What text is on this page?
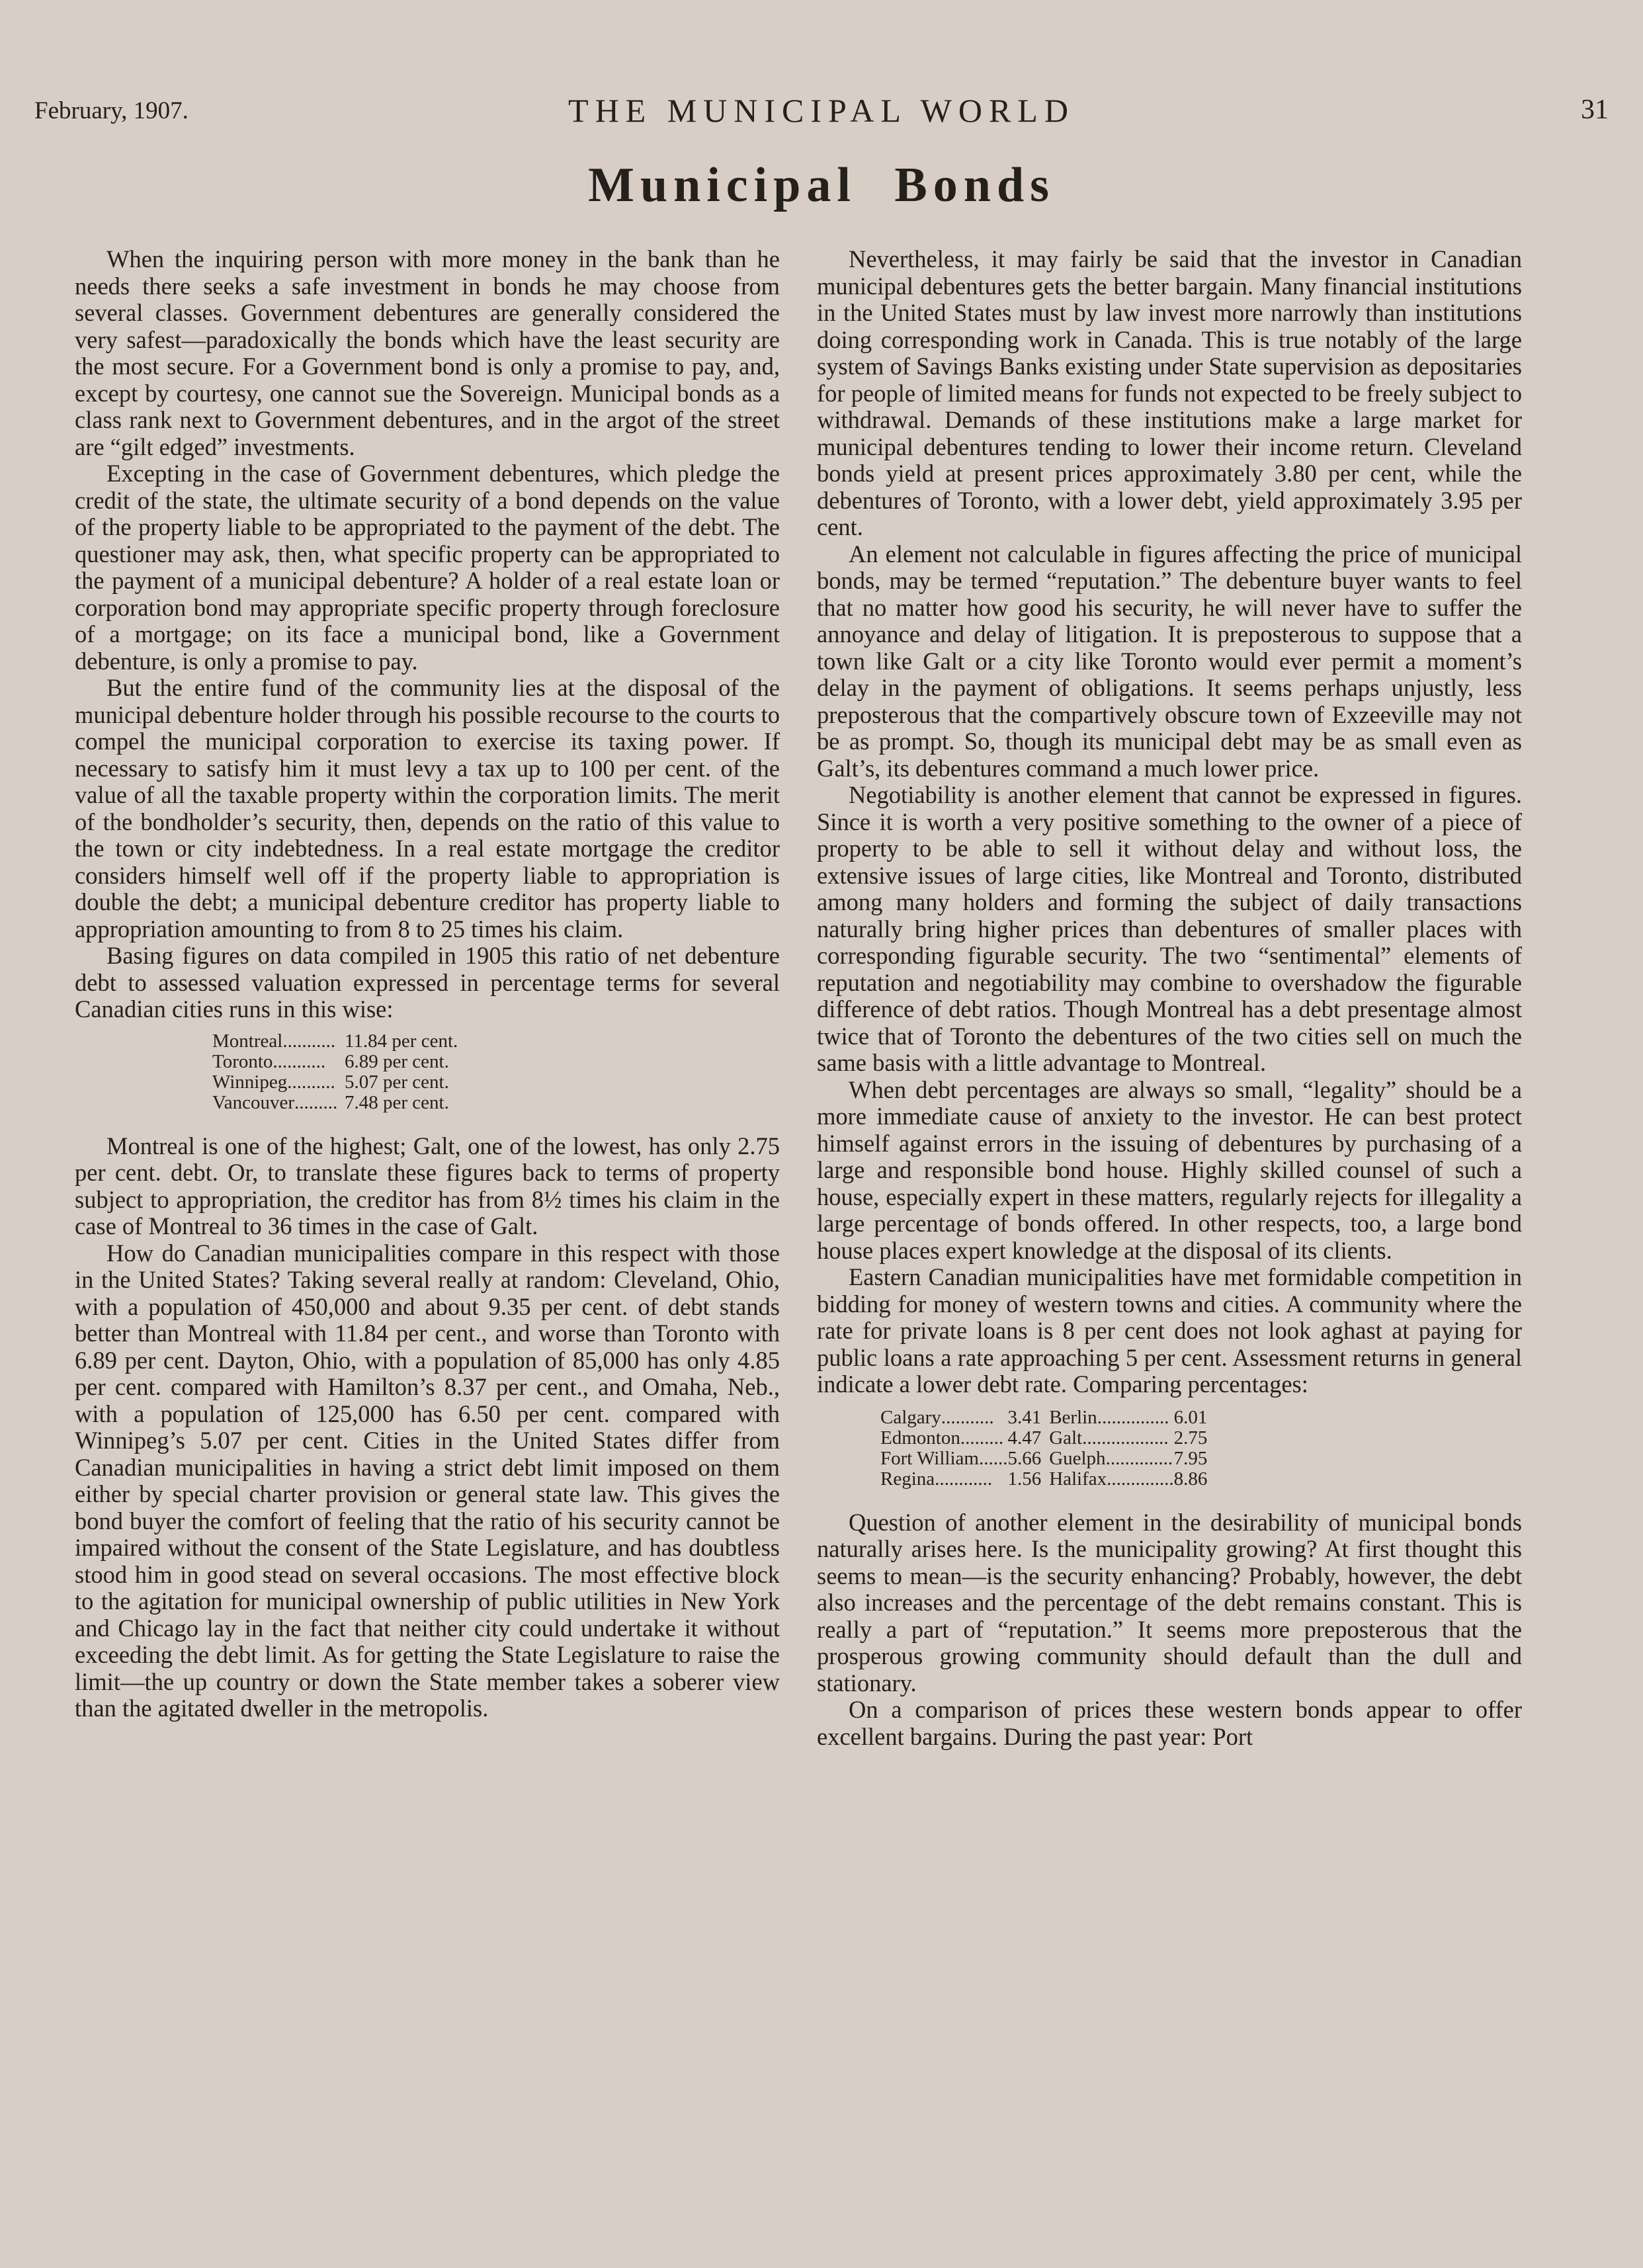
February, 1907.	THE MUNICIPAL WORLD	31
Municipal Bonds

When the inquiring person with more money in the bank than he needs there seeks a safe investment in bonds he may choose from several classes. Government debentures are generally considered the very safest—paradoxically the bonds which have the least security are the most secure. For a Government bond is only a promise to pay, and, except by courtesy, one cannot sue the Sovereign. Municipal bonds as a class rank next to Government debentures, and in the argot of the street are “gilt edged” investments.

Excepting in the case of Government debentures, which pledge the credit of the state, the ultimate security of a bond depends on the value of the property liable to be appropriated to the payment of the debt. The questioner may ask, then, what specific property can be appropriated to the payment of a municipal debenture? A holder of a real estate loan or corporation bond may appropriate specific property through foreclosure of a mortgage; on its face a municipal bond, like a Government debenture, is only a promise to pay.

But the entire fund of the community lies at the disposal of the municipal debenture holder through his possible recourse to the courts to compel the municipal corporation to exercise its taxing power. If necessary to satisfy him it must levy a tax up to 100 per cent. of the value of all the taxable property within the corporation limits. The merit of the bondholder’s security, then, depends on the ratio of this value to the town or city indebtedness. In a real estate mortgage the creditor considers himself well off if the property liable to appropriation is double the debt; a municipal debenture creditor has property liable to appropriation amounting to from 8 to 25 times his claim.

Basing figures on data compiled in 1905 this ratio of net debenture debt to assessed valuation expressed in percentage terms for several Canadian cities runs in this wise:

Montreal...........	11.84 per cent.
Toronto...........	6.89 per cent.
Winnipeg..........	5.07 per cent.
Vancouver.........	7.48 per cent.

Montreal is one of the highest; Galt, one of the lowest, has only 2.75 per cent. debt. Or, to translate these figures back to terms of property subject to appropriation, the creditor has from 8½ times his claim in the case of Montreal to 36 times in the case of Galt.

How do Canadian municipalities compare in this respect with those in the United States? Taking several really at random: Cleveland, Ohio, with a population of 450,000 and about 9.35 per cent. of debt stands better than Montreal with 11.84 per cent., and worse than Toronto with 6.89 per cent. Dayton, Ohio, with a population of 85,000 has only 4.85 per cent. compared with Hamilton’s 8.37 per cent., and Omaha, Neb., with a population of 125,000 has 6.50 per cent. compared with Winnipeg’s 5.07 per cent. Cities in the United States differ from Canadian municipalities in having a strict debt limit imposed on them either by special charter provision or general state law. This gives the bond buyer the comfort of feeling that the ratio of his security cannot be impaired without the consent of the State Legislature, and has doubtless stood him in good stead on several occasions. The most effective block to the agitation for municipal ownership of public utilities in New York and Chicago lay in the fact that neither city could undertake it without exceeding the debt limit. As for getting the State Legislature to raise the limit—the up country or down the State member takes a soberer view than the agitated dweller in the metropolis.

Nevertheless, it may fairly be said that the investor in Canadian municipal debentures gets the better bargain. Many financial institutions in the United States must by law invest more narrowly than institutions doing corresponding work in Canada. This is true notably of the large system of Savings Banks existing under State supervision as depositaries for people of limited means for funds not expected to be freely subject to withdrawal. Demands of these institutions make a large market for municipal debentures tending to lower their income return. Cleveland bonds yield at present prices approximately 3.80 per cent, while the debentures of Toronto, with a lower debt, yield approximately 3.95 per cent.

An element not calculable in figures affecting the price of municipal bonds, may be termed “reputation.” The debenture buyer wants to feel that no matter how good his security, he will never have to suffer the annoyance and delay of litigation. It is preposterous to suppose that a town like Galt or a city like Toronto would ever permit a moment’s delay in the payment of obligations. It seems perhaps unjustly, less preposterous that the compartively obscure town of Exzeeville may not be as prompt. So, though its municipal debt may be as small even as Galt’s, its debentures command a much lower price.

Negotiability is another element that cannot be expressed in figures. Since it is worth a very positive something to the owner of a piece of property to be able to sell it without delay and without loss, the extensive issues of large cities, like Montreal and Toronto, distributed among many holders and forming the subject of daily transactions naturally bring higher prices than debentures of smaller places with corresponding figurable security. The two “sentimental” elements of reputation and negotiability may combine to overshadow the figurable difference of debt ratios. Though Montreal has a debt presentage almost twice that of Toronto the debentures of the two cities sell on much the same basis with a little advantage to Montreal.

When debt percentages are always so small, “legality” should be a more immediate cause of anxiety to the investor. He can best protect himself against errors in the issuing of debentures by purchasing of a large and responsible bond house. Highly skilled counsel of such a house, especially expert in these matters, regularly rejects for illegality a large percentage of bonds offered. In other respects, too, a large bond house places expert knowledge at the disposal of its clients.

Eastern Canadian municipalities have met formidable competition in bidding for money of western towns and cities. A community where the rate for private loans is 8 per cent does not look aghast at paying for public loans a rate approaching 5 per cent. Assessment returns in general indicate a lower debt rate. Comparing percentages:

Calgary...........	3.41		Berlin...............	6.01
Edmonton.........	4.47		Galt..................	2.75
Fort William......	5.66		Guelph..............	7.95
Regina............	1.56		Halifax..............	8.86

Question of another element in the desirability of municipal bonds naturally arises here. Is the municipality growing? At first thought this seems to mean—is the security enhancing? Probably, however, the debt also increases and the percentage of the debt remains constant. This is really a part of “reputation.” It seems more preposterous that the prosperous growing community should default than the dull and stationary.

On a comparison of prices these western bonds appear to offer excellent bargains. During the past year: Port
